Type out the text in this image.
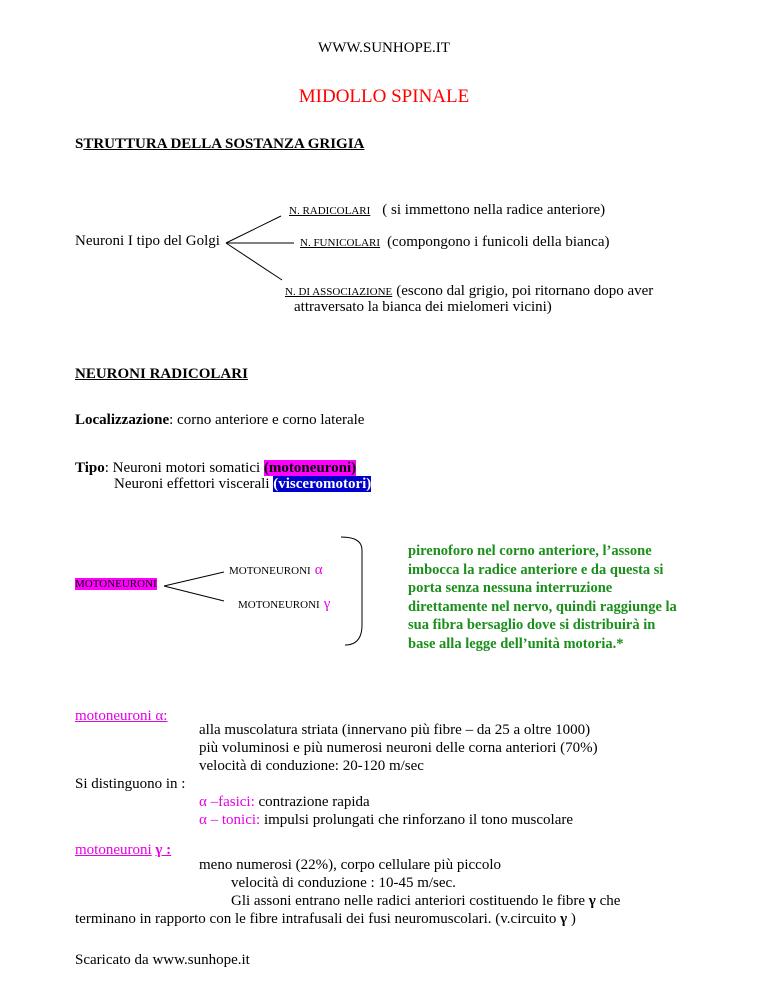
WWW.SUNHOPE.IT
MIDOLLO SPINALE
STRUTTURA DELLA SOSTANZA GRIGIA
Neuroni I tipo del Golgi
N. RADICOLARI ( si immettono nella radice anteriore)
N. FUNICOLARI (compongono i funicoli della bianca)
N. DI ASSOCIAZIONE (escono dal grigio, poi ritornano dopo aver
attraversato la bianca dei mielomeri vicini)
NEURONI RADICOLARI
Localizzazione: corno anteriore e corno laterale
Tipo: Neuroni motori somatici (motoneuroni)
Neuroni effettori viscerali (visceromotori)
MOTONEURONI
MOTONEURONI α
MOTONEURONI γ
pirenoforo nel corno anteriore, l’assone imbocca la radice anteriore e da questa si porta senza nessuna interruzione direttamente nel nervo, quindi raggiunge la sua fibra bersaglio dove si distribuirà in base alla legge dell’unità motoria.*
motoneuroni α:
alla muscolatura striata (innervano più fibre – da 25 a oltre 1000)
più voluminosi e più numerosi neuroni delle corna anteriori (70%)
velocità di conduzione: 20-120 m/sec
Si distinguono in :
α –fasici: contrazione rapida
α – tonici: impulsi prolungati che rinforzano il tono muscolare
motoneuroni γ :
meno numerosi (22%), corpo cellulare più piccolo
velocità di conduzione : 10-45 m/sec.
Gli assoni entrano nelle radici anteriori costituendo le fibre γ che
terminano in rapporto con le fibre intrafusali dei fusi neuromuscolari. (v.circuito γ )
Scaricato da www.sunhope.it
